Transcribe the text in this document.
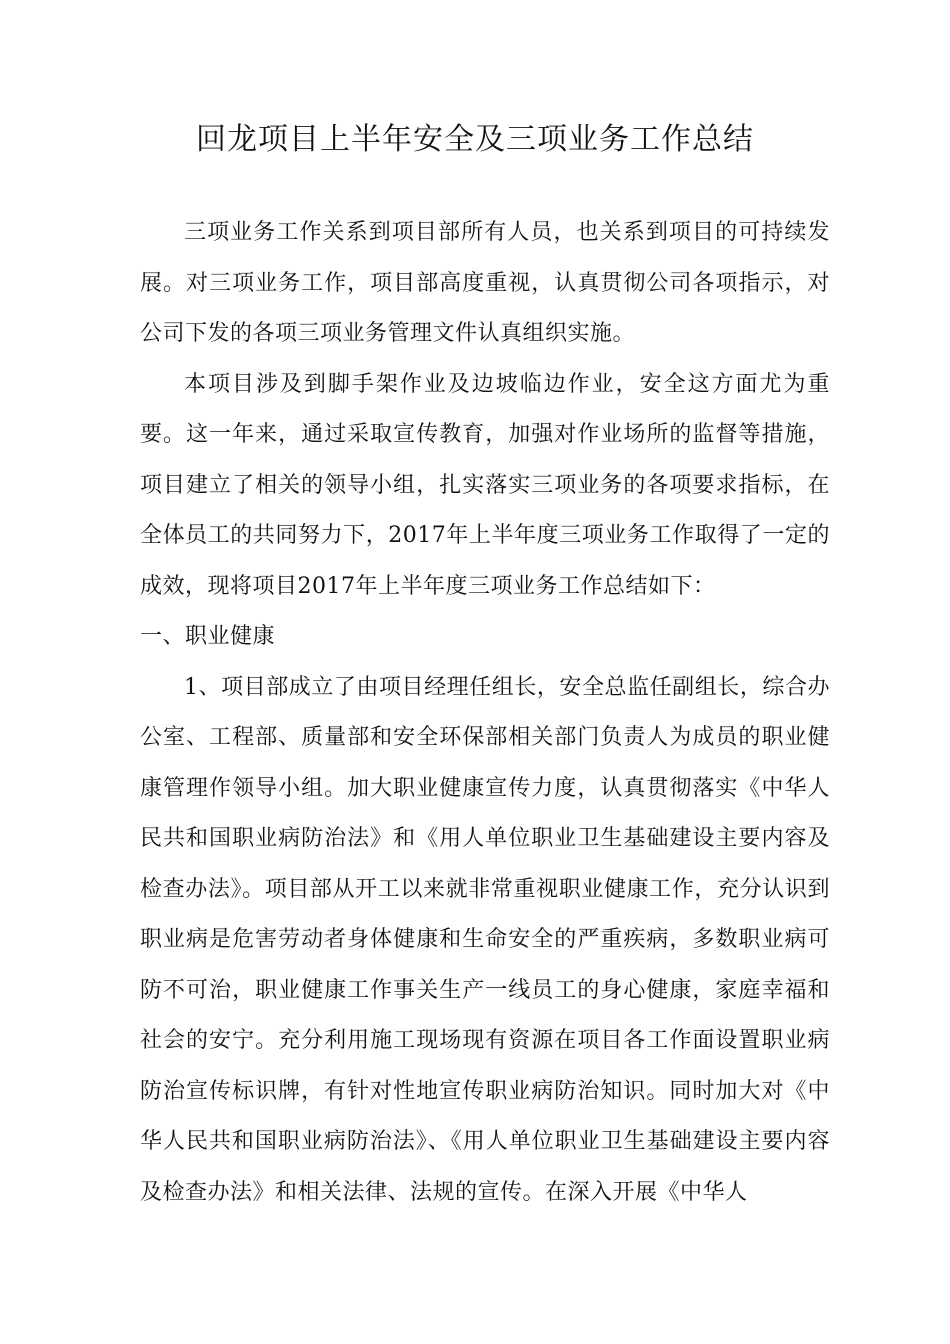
回龙项目上半年安全及三项业务工作总结

三项业务工作关系到项目部所有人员，也关系到项目的可持续发展。对三项业务工作，项目部高度重视，认真贯彻公司各项指示，对公司下发的各项三项业务管理文件认真组织实施。

本项目涉及到脚手架作业及边坡临边作业，安全这方面尤为重要。这一年来，通过采取宣传教育，加强对作业场所的监督等措施，项目建立了相关的领导小组，扎实落实三项业务的各项要求指标，在全体员工的共同努力下，2017年上半年度三项业务工作取得了一定的成效，现将项目2017年上半年度三项业务工作总结如下：

一、职业健康

1、项目部成立了由项目经理任组长，安全总监任副组长，综合办公室、工程部、质量部和安全环保部相关部门负责人为成员的职业健康管理作领导小组。加大职业健康宣传力度，认真贯彻落实《中华人民共和国职业病防治法》和《用人单位职业卫生基础建设主要内容及检查办法》。项目部从开工以来就非常重视职业健康工作，充分认识到职业病是危害劳动者身体健康和生命安全的严重疾病，多数职业病可防不可治，职业健康工作事关生产一线员工的身心健康，家庭幸福和社会的安宁。充分利用施工现场现有资源在项目各工作面设置职业病防治宣传标识牌，有针对性地宣传职业病防治知识。同时加大对《中华人民共和国职业病防治法》、《用人单位职业卫生基础建设主要内容及检查办法》和相关法律、法规的宣传。在深入开展《中华人
